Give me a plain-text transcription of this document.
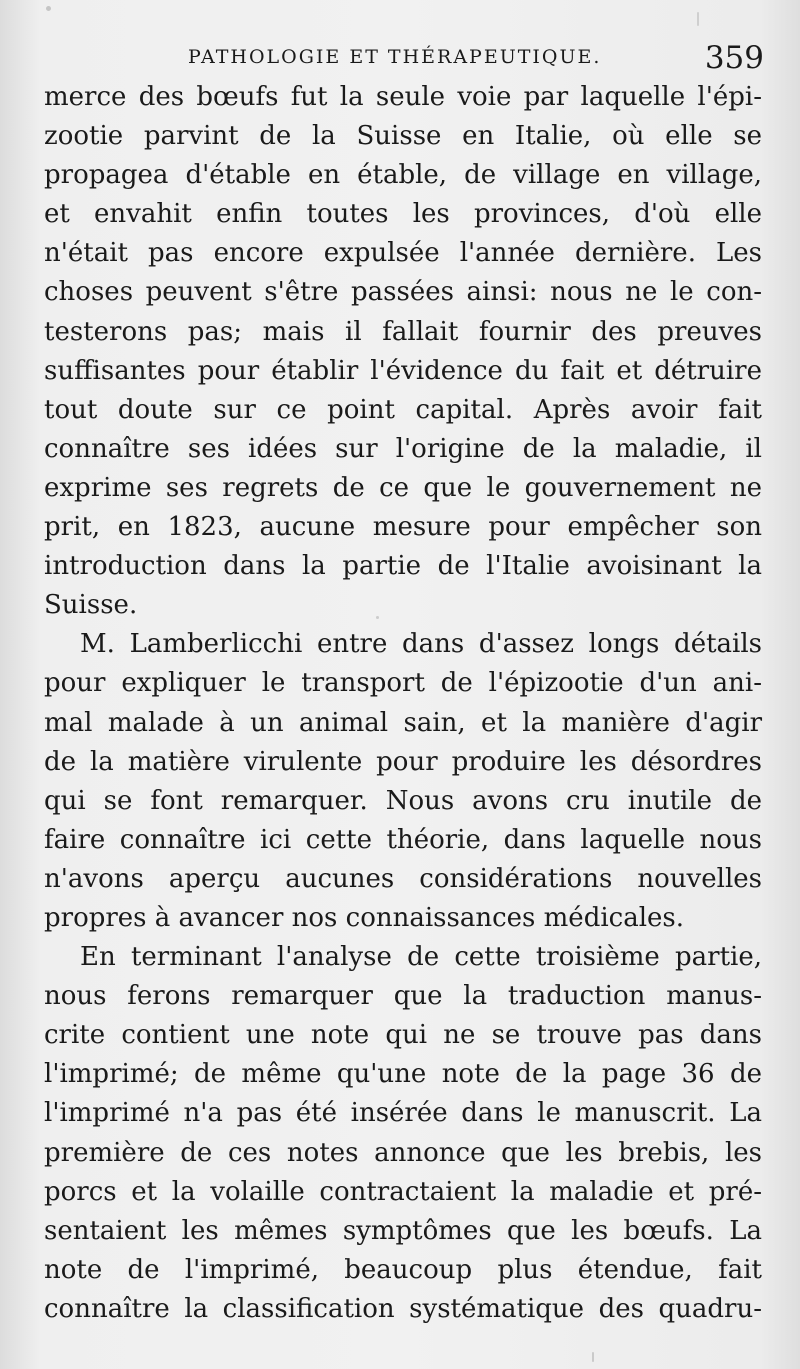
PATHOLOGIE ET THÉRAPEUTIQUE.	359
merce des bœufs fut la seule voie par laquelle l'épi-
zootie parvint de la Suisse en Italie, où elle se
propagea d'étable en étable, de village en village,
et envahit enfin toutes les provinces, d'où elle
n'était pas encore expulsée l'année dernière. Les
choses peuvent s'être passées ainsi: nous ne le con-
testerons pas; mais il fallait fournir des preuves
suffisantes pour établir l'évidence du fait et détruire
tout doute sur ce point capital. Après avoir fait
connaître ses idées sur l'origine de la maladie, il
exprime ses regrets de ce que le gouvernement ne
prit, en 1823, aucune mesure pour empêcher son
introduction dans la partie de l'Italie avoisinant la
Suisse.
M. Lamberlicchi entre dans d'assez longs détails
pour expliquer le transport de l'épizootie d'un ani-
mal malade à un animal sain, et la manière d'agir
de la matière virulente pour produire les désordres
qui se font remarquer. Nous avons cru inutile de
faire connaître ici cette théorie, dans laquelle nous
n'avons aperçu aucunes considérations nouvelles
propres à avancer nos connaissances médicales.
En terminant l'analyse de cette troisième partie,
nous ferons remarquer que la traduction manus-
crite contient une note qui ne se trouve pas dans
l'imprimé; de même qu'une note de la page 36 de
l'imprimé n'a pas été insérée dans le manuscrit. La
première de ces notes annonce que les brebis, les
porcs et la volaille contractaient la maladie et pré-
sentaient les mêmes symptômes que les bœufs. La
note de l'imprimé, beaucoup plus étendue, fait
connaître la classification systématique des quadru-
